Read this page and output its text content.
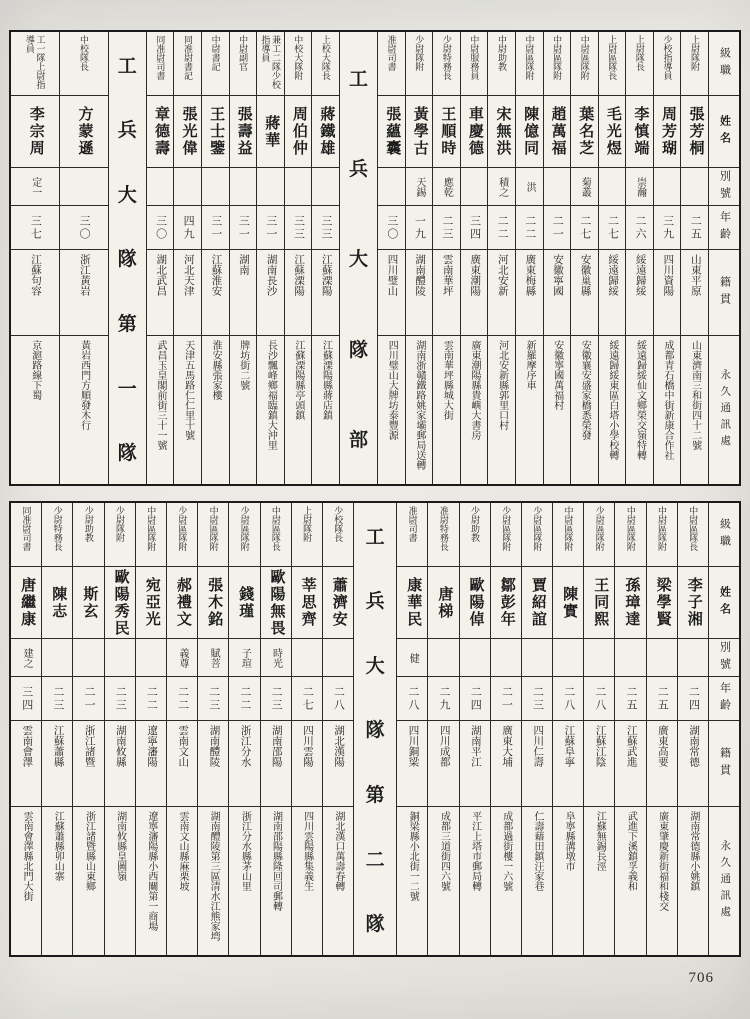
級職
姓名
別號
年齡
籍貫
永久通訊處
上尉隊附
張芳桐
二五
山東平原
山東濟南三和街四十二號
少校指導員
周芳瑚
三九
四川資陽
成都青石橋中街新康合作社
上尉隊長
李慎端
崇瀚
二六
綏遠歸綏
綏遠歸綏仙文鄉榮交嶺特轉
上尉區隊長
毛光煜
二七
綏遠歸綏
綏遠歸綏東區白塔小學校轉
中尉區隊附
葉名芝
菊叢
二七
安徽巢縣
安徽襄安盛家橋悉榮發
中尉區隊附
趙萬福
二一
安徽寧國
安徽寧國萬福村
中尉區隊附
陳億同
洪
二二
廣東梅縣
新羅摩序車
中尉助教
宋無洪
積之
二二
河北安新
河北安新縣郭里口村
中尉服務員
車慶德
三四
廣東潮陽
廣東潮陽縣貴嶼大書房
少尉特務長
王順時
應乾
二三
雲南華坪
雲南華坪縣城大街
少尉隊附
黃學古
天錫
一九
湖南醴陵
湖南浙贛鐵路姚家壩郵局送轉
准尉司書
張蘊囊
三〇
四川璧山
四川璧山大牌坊泰豐源
工
兵
大
隊
部
上校大隊長
蔣鐵雄
三三
江蘇溧陽
江蘇溧陽縣蔣店鎮
中校大隊附
周伯仲
三三
江蘇溧陽
江蘇溧陽縣亭頭鎮
兼工二隊少校指導員
蔣華
三一
湖南長沙
長沙飄峰鄉福臨鎮大沖里
中尉副官
張壽益
三一
湖南
牌坊街二號
中尉書記
王士鑒
三一
江蘇淮安
淮安縣張家樓
同准尉書記
張光偉
四九
河北天津
天津五馬路仁仁里十號
同准尉司書
章德壽
三〇
湖北武昌
武昌玉皇閣前街三十一號
工
兵
大
隊
第
一
隊
中校隊長
方蒙遜
三〇
浙江黃岩
黃岩西門方順發木行
工一隊上尉指導員
李宗周
定一
三七
江蘇句容
京滬路線下蜀
級職
姓名
別號
年齡
籍貫
永久通訊處
中尉區隊長
李子湘
二四
湖南常德
湖南常德縣小姚鎮
中尉區隊附
梁學賢
二五
廣東高要
廣東肇慶新街福和棧交
中尉區隊附
孫璋達
二五
江蘇武進
武進下溪鎮孚義和
少尉區隊附
王同熙
二八
江蘇江陰
江蘇無錫長涇
中尉區隊附
陳實
二八
江蘇阜寧
阜寧縣溝墩市
少尉區隊附
賈紹誼
二三
四川仁壽
仁壽藉田鎮汪家巷
少尉區隊附
鄒彭年
二一
廣東大埔
成都過街樓一六號
少尉助教
歐陽倬
二四
湖南平江
平江上塔市郵局轉
准尉特務長
唐梯
二九
四川成都
成都三道街四六號
准尉司書
康華民
健
二八
四川銅梁
銅梁縣小北街一二號
工
兵
大
隊
第
二
隊
少校隊長
蕭濟安
二八
湖北漢陽
湖北漢口萬壽春轉
上尉隊附
莘思齊
二七
四川雲陽
四川雲陽縣集義生
中尉區隊長
歐陽無畏
時光
二三
湖南邵陽
湖南邵陽縣隆回司郵轉
少尉區隊附
錢瑾
子瑄
二二
浙江分水
浙江分水縣茅山里
中尉區隊附
張木銘
賦菩
二三
湖南醴陵
湖南醴陵第三區清水江熊家塆
少尉區隊附
郝禮文
義尊
二二
雲南文山
雲南文山縣麻栗坡
中尉區隊附
宛亞光
二二
遼寧瀋陽
遼寧瀋陽縣小西關第一商場
少尉隊附
歐陽秀民
二三
湖南攸縣
湖南攸縣皇圖嶺
少尉助教
斯玄
二一
浙江諸暨
浙江諸暨縣山東鄉
少尉特務長
陳志
二三
江蘇蕭縣
江蘇蕭縣卯山寨
同准尉司書
唐繼康
建之
三四
雲南會澤
雲南會澤縣北門大街
706
